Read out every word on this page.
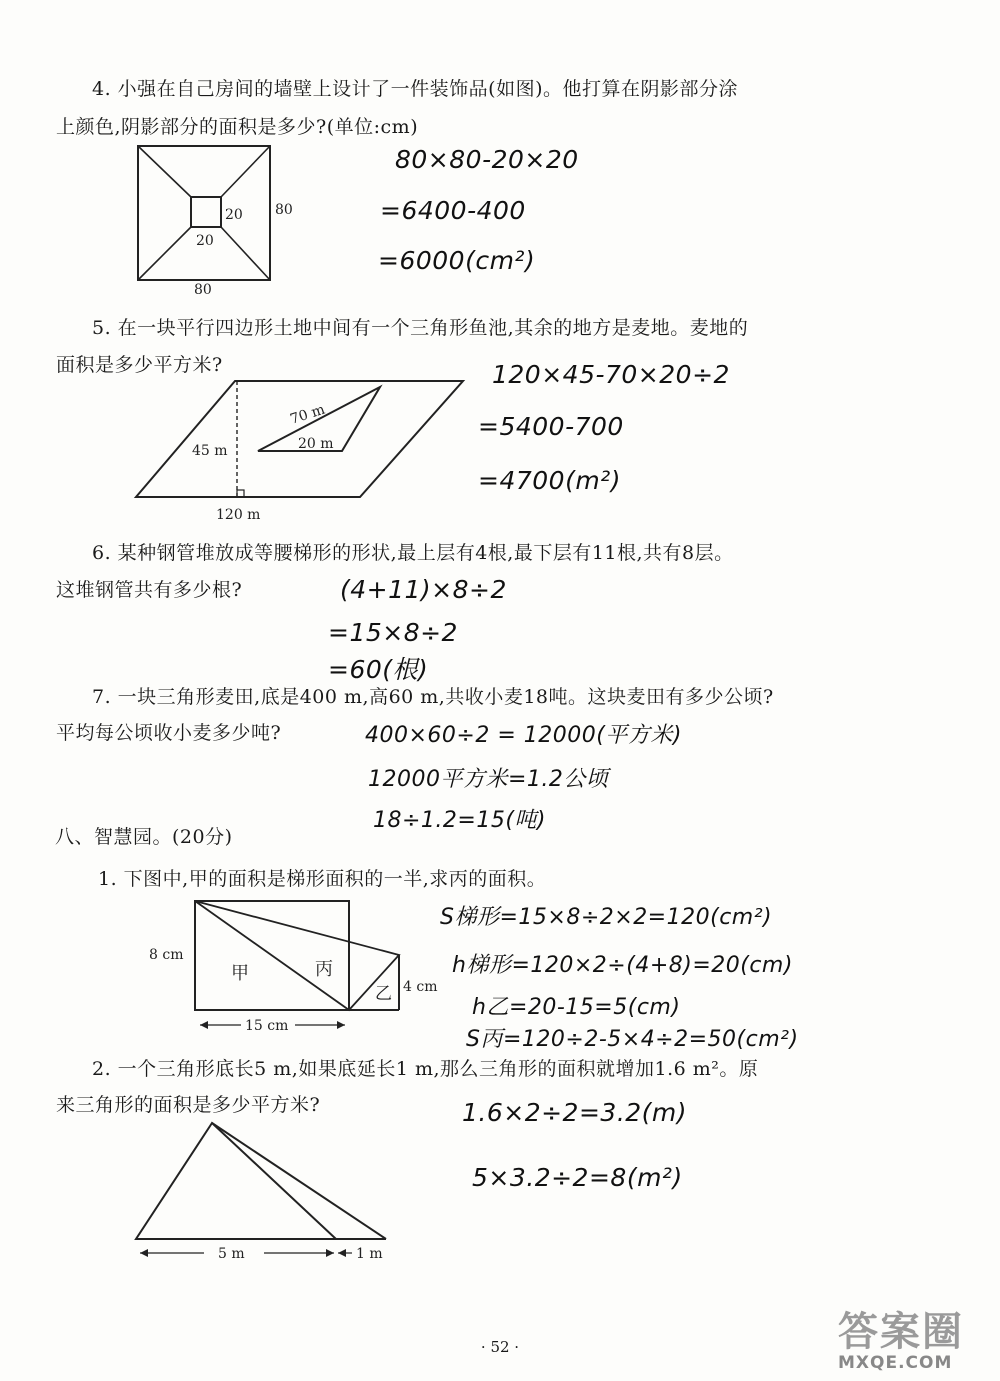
4. 小强在自己房间的墙壁上设计了一件装饰品(如图)。他打算在阴影部分涂
上颜色,阴影部分的面积是多少?(单位:cm)
20
20
80
80
80×80-20×20
=6400-400
=6000(cm²)
5. 在一块平行四边形土地中间有一个三角形鱼池,其余的地方是麦地。麦地的
面积是多少平方米?
70 m
20 m
45 m
120 m
120×45-70×20÷2
=5400-700
=4700(m²)
6. 某种钢管堆放成等腰梯形的形状,最上层有4根,最下层有11根,共有8层。
这堆钢管共有多少根?	(4+11)×8÷2
=15×8÷2
=60(根)
7. 一块三角形麦田,底是400 m,高60 m,共收小麦18吨。这块麦田有多少公顷?
平均每公顷收小麦多少吨?	400×60÷2 = 12000(平方米)
12000平方米=1.2公顷
18÷1.2=15(吨)
八、智慧园。(20分)
1. 下图中,甲的面积是梯形面积的一半,求丙的面积。
8 cm
4 cm
甲	丙
乙
15 cm
S梯形=15×8÷2×2=120(cm²)
h梯形=120×2÷(4+8)=20(cm)
h乙=20-15=5(cm)
S丙=120÷2-5×4÷2=50(cm²)
2. 一个三角形底长5 m,如果底延长1 m,那么三角形的面积就增加1.6 m²。原
来三角形的面积是多少平方米?
5 m	1 m
1.6×2÷2=3.2(m)
5×3.2÷2=8(m²)
· 52 ·	答案圈
MXQE.COM
